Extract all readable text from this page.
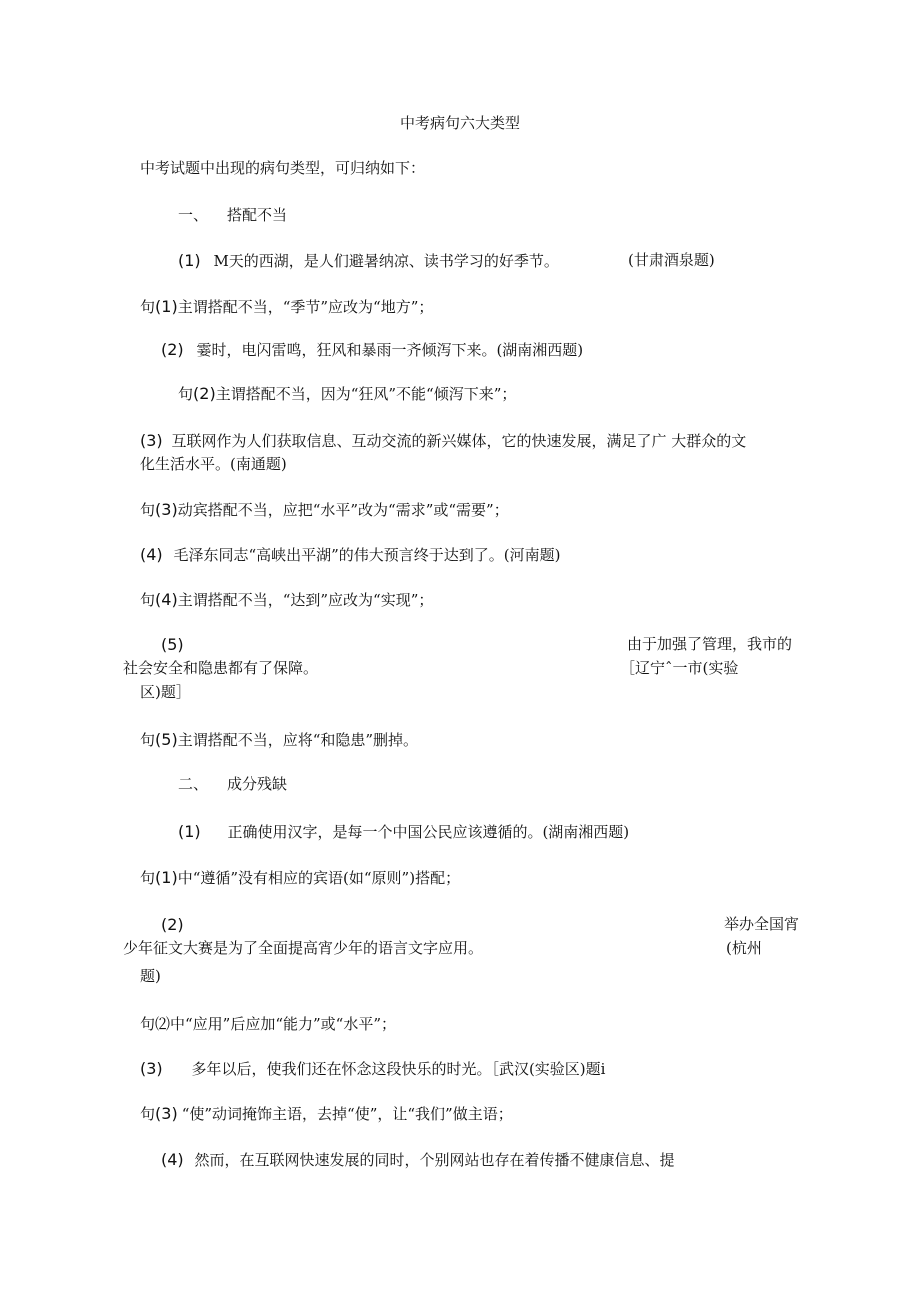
中考病句六大类型
中考试题中出现的病句类型，可归纳如下：
一、 搭配不当
(1) M天的西湖，是人们避暑纳凉、读书学习的好季节。	(甘肃酒泉题)
句(1)主谓搭配不当，“季节”应改为“地方”；
(2) 霎时，电闪雷鸣，狂风和暴雨一齐倾泻下来。(湖南湘西题)
句(2)主谓搭配不当，因为“狂风”不能“倾泻下来”；
(3) 互联网作为人们获取信息、互动交流的新兴媒体，它的快速发展，满足了广 大群众的文
化生活水平。(南通题)
句(3)动宾搭配不当，应把“水平”改为“需求”或“需要”；
(4) 毛泽东同志“高峡出平湖”的伟大预言终于达到了。(河南题)
句(4)主谓搭配不当，“达到”应改为“实现”；
(5)	由于加强了管理，我市的
社会安全和隐患都有了保障。	［辽宁ˆ一市(实验
区)题］
句(5)主谓搭配不当，应将“和隐患”删掉。
二、 成分残缺
(1) 正确使用汉字，是每一个中国公民应该遵循的。(湖南湘西题)
句(1)中“遵循”没有相应的宾语(如“原则”)搭配；
(2)	举办全国宵
少年征文大赛是为了全面提高宵少年的语言文字应用。	(杭州
题)
句⑵中“应用”后应加“能力”或“水平”；
(3) 多年以后，使我们还在怀念这段快乐的时光。［武汉(实验区)题i
句(3) “使”动词掩饰主语，去掉“使”，让“我们”做主语；
(4) 然而，在互联网快速发展的同时，个别网站也存在着传播不健康信息、提
